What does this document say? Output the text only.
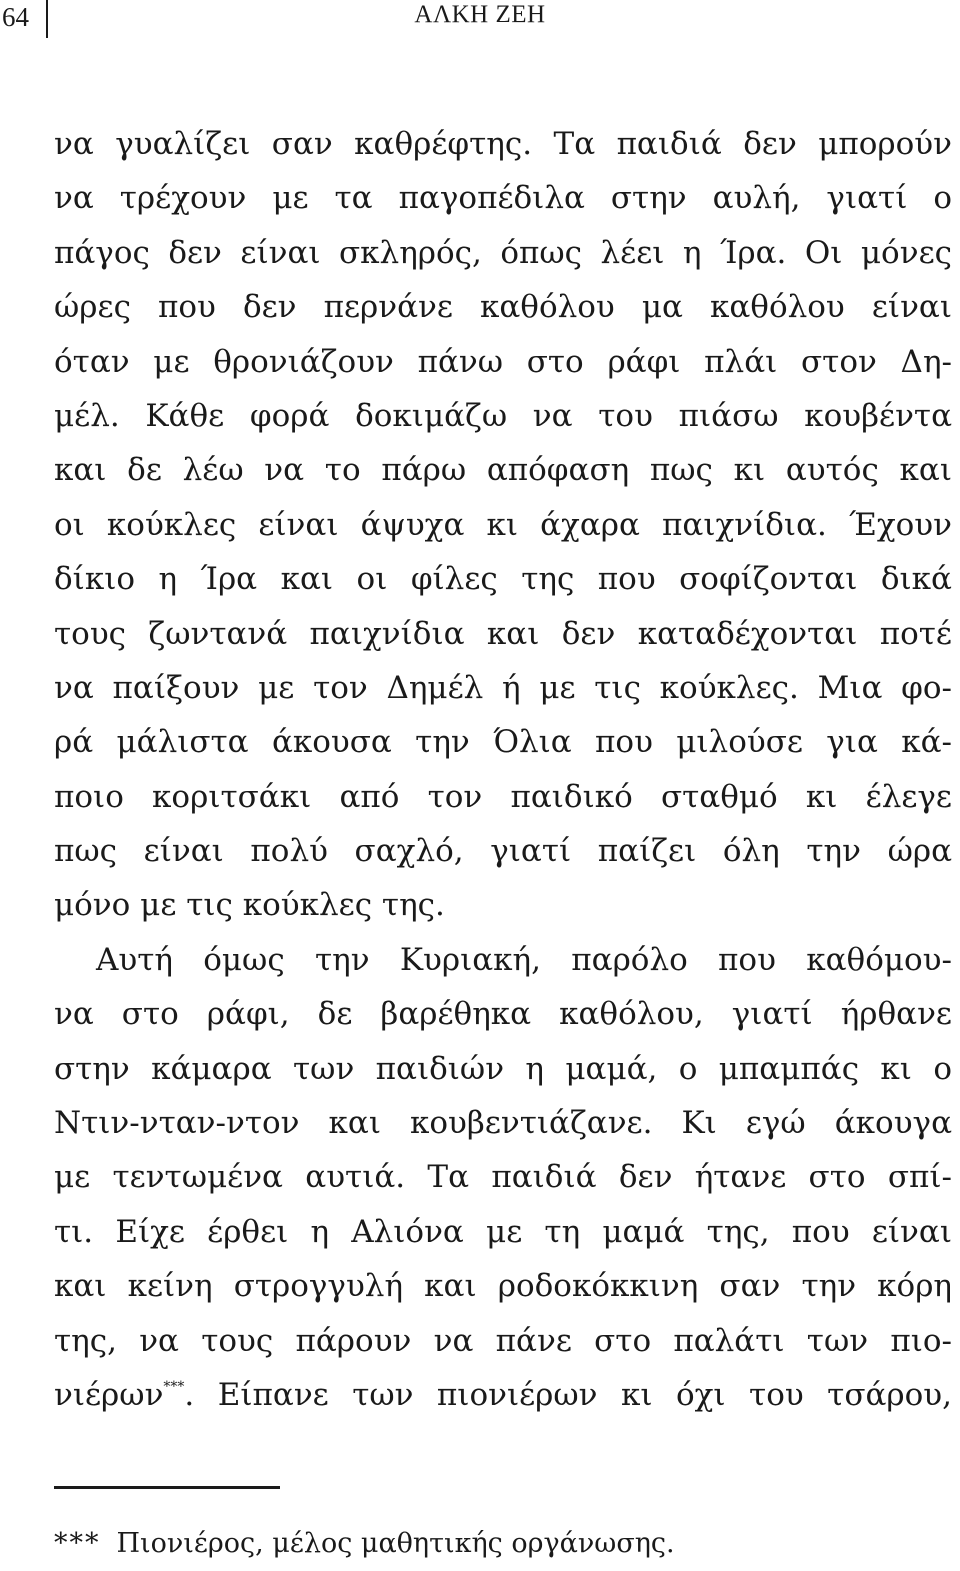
64	ΑΛΚΗ ΖΕΗ
να γυαλίζει σαν καθρέφτης. Τα παιδιά δεν μπορούν
να τρέχουν με τα παγοπέδιλα στην αυλή, γιατί ο
πάγος δεν είναι σκληρός, όπως λέει η Ίρα. Οι μόνες
ώρες που δεν περνάνε καθόλου μα καθόλου είναι
όταν με θρονιάζουν πάνω στο ράφι πλάι στον Δη-
μέλ. Κάθε φορά δοκιμάζω να του πιάσω κουβέντα
και δε λέω να το πάρω απόφαση πως κι αυτός και
οι κούκλες είναι άψυχα κι άχαρα παιχνίδια. Έχουν
δίκιο η Ίρα και οι φίλες της που σοφίζονται δικά
τους ζωντανά παιχνίδια και δεν καταδέχονται ποτέ
να παίξουν με τον Δημέλ ή με τις κούκλες. Μια φο-
ρά μάλιστα άκουσα την Όλια που μιλούσε για κά-
ποιο κοριτσάκι από τον παιδικό σταθμό κι έλεγε
πως είναι πολύ σαχλό, γιατί παίζει όλη την ώρα
μόνο με τις κούκλες της.
Αυτή όμως την Κυριακή, παρόλο που καθόμου-
να στο ράφι, δε βαρέθηκα καθόλου, γιατί ήρθανε
στην κάμαρα των παιδιών η μαμά, ο μπαμπάς κι ο
Ντιν-νταν-ντον και κουβεντιάζανε. Κι εγώ άκουγα
με τεντωμένα αυτιά. Τα παιδιά δεν ήτανε στο σπί-
τι. Είχε έρθει η Αλιόνα με τη μαμά της, που είναι
και κείνη στρογγυλή και ροδοκόκκινη σαν την κόρη
της, να τους πάρουν να πάνε στο παλάτι των πιο-
νιέρων***. Είπανε των πιονιέρων κι όχι του τσάρου,
*** Πιονιέρος, μέλος μαθητικής οργάνωσης.
